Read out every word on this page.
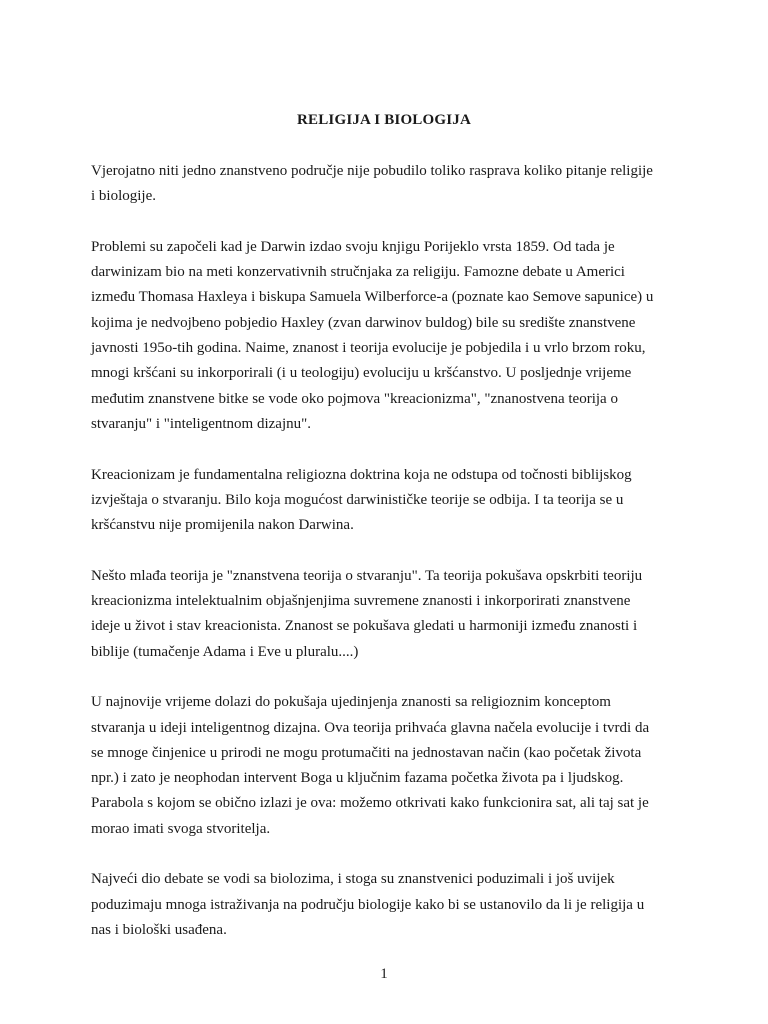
RELIGIJA I BIOLOGIJA

Vjerojatno niti jedno znanstveno područje nije pobudilo toliko rasprava koliko pitanje religije
i biologije.

Problemi su započeli kad je Darwin izdao svoju knjigu Porijeklo vrsta 1859. Od tada je
darwinizam bio na meti konzervativnih stručnjaka za religiju. Famozne debate u Americi
između Thomasa Haxleya i biskupa Samuela Wilberforce-a (poznate kao Semove sapunice) u
kojima je nedvojbeno pobjedio Haxley (zvan darwinov buldog) bile su središte znanstvene
javnosti 195o-tih godina. Naime, znanost i teorija evolucije je pobjedila i u vrlo brzom roku,
mnogi kršćani su inkorporirali (i u teologiju) evoluciju u kršćanstvo. U posljednje vrijeme
međutim znanstvene bitke se vode oko pojmova "kreacionizma", "znanostvena teorija o
stvaranju" i "inteligentnom dizajnu".

Kreacionizam je fundamentalna religiozna doktrina koja ne odstupa od točnosti biblijskog
izvještaja o stvaranju. Bilo koja mogućost darwinističke teorije se odbija. I ta teorija se u
kršćanstvu nije promijenila nakon Darwina.

Nešto mlađa teorija je "znanstvena teorija o stvaranju". Ta teorija pokušava opskrbiti teoriju
kreacionizma intelektualnim objašnjenjima suvremene znanosti i inkorporirati znanstvene
ideje u život i stav kreacionista. Znanost se pokušava gledati u harmoniji između znanosti i
biblije (tumačenje Adama i Eve u pluralu....)

U najnovije vrijeme dolazi do pokušaja ujedinjenja znanosti sa religioznim konceptom
stvaranja u ideji inteligentnog dizajna. Ova teorija prihvaća glavna načela evolucije i tvrdi da
se mnoge činjenice u prirodi ne mogu protumačiti na jednostavan način (kao početak života
npr.) i zato je neophodan intervent Boga u ključnim fazama početka života pa i ljudskog.
Parabola s kojom se obično izlazi je ova: možemo otkrivati kako funkcionira sat, ali taj sat je
morao imati svoga stvoritelja.

Najveći dio debate se vodi sa biolozima, i stoga su znanstvenici poduzimali i još uvijek
poduzimaju mnoga istraživanja na području biologije kako bi se ustanovilo da li je religija u
nas i biološki usađena.

1
